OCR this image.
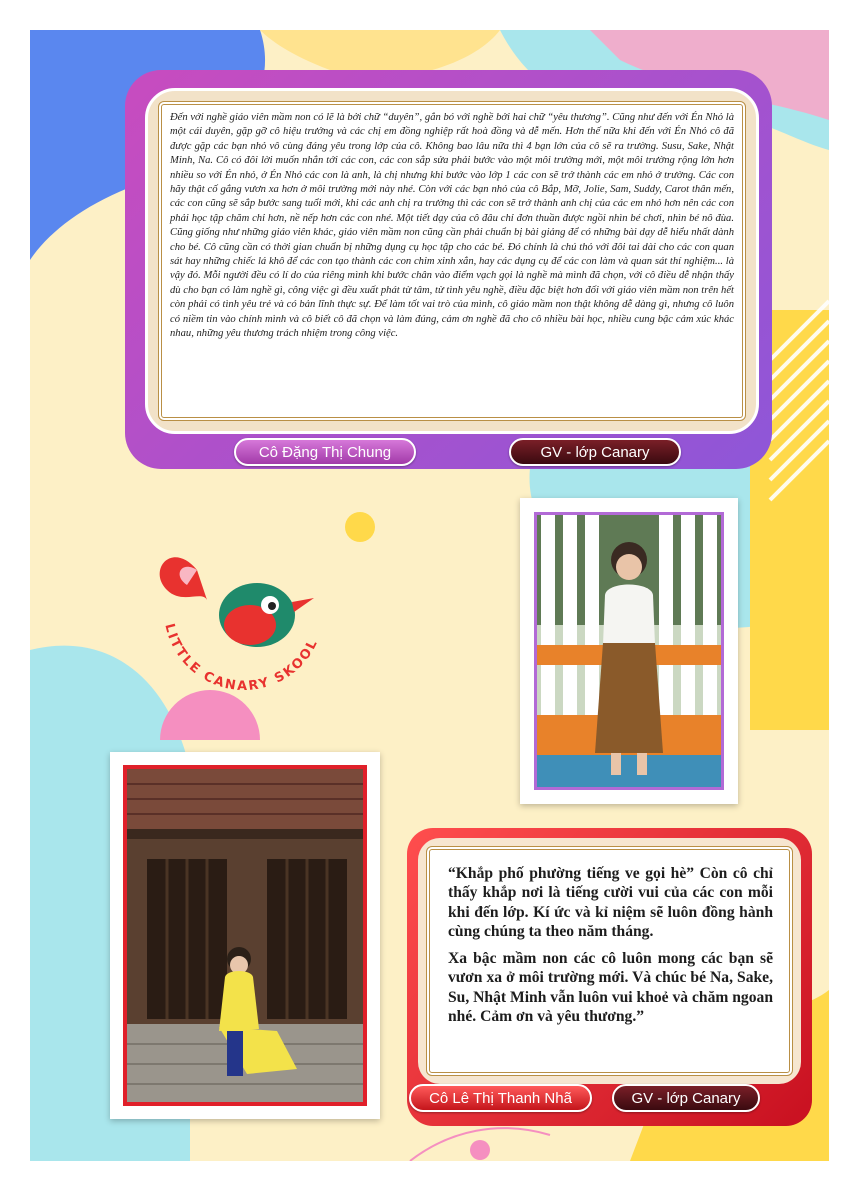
Đến với nghề giáo viên mầm non có lẽ là bởi chữ “duyên”, gắn bó với nghề bởi hai chữ “yêu thương”. Cũng như đến với Én Nhỏ là một cái duyên, gặp gỡ cô hiệu trưởng và các chị em đồng nghiệp rất hoà đồng và dễ mến. Hơn thế nữa khi đến với Én Nhỏ cô đã được gặp các bạn nhỏ vô cùng đáng yêu trong lớp của cô. Không bao lâu nữa thì 4 bạn lớn của cô sẽ ra trường. Susu, Sake, Nhật Minh, Na. Cô có đôi lời muốn nhắn tới các con, các con sắp sửa phải bước vào một môi trường mới, một môi trường rộng lớn hơn nhiều so với Én nhỏ, ở Én Nhỏ các con là anh, là chị nhưng khi bước vào lớp 1 các con sẽ trở thành các em nhỏ ở trường. Các con hãy thật cố gắng vươn xa hơn ở môi trường mới này nhé. Còn với các bạn nhỏ của cô Bắp, Mỡ, Jolie, Sam, Suddy, Carot thân mến, các con cũng sẽ sắp bước sang tuổi mới, khi các anh chị ra trường thì các con sẽ trở thành anh chị của các em nhỏ hơn nên các con phải học tập chăm chỉ hơn, nề nếp hơn các con nhé. Một tiết dạy của cô đâu chỉ đơn thuần được ngồi nhìn bé chơi, nhìn bé nô đùa. Cũng giống như những giáo viên khác, giáo viên mầm non cũng cần phải chuẩn bị bài giảng để có những bài dạy dễ hiểu nhất dành cho bé. Cô cũng cần có thời gian chuẩn bị những dụng cụ học tập cho các bé. Đó chính là chú thỏ với đôi tai dài cho các con quan sát hay những chiếc lá khô để các con tạo thành các con chim xinh xắn, hay các dụng cụ để các con làm và quan sát thí nghiệm... là vậy đó. Mỗi người đều có lí do của riêng mình khi bước chân vào điểm vạch gọi là nghề mà mình đã chọn, với cô điều dễ nhận thấy dù cho bạn có làm nghề gì, công việc gì đều xuất phát từ tâm, từ tình yêu nghề, điều đặc biệt hơn đối với giáo viên mầm non trên hết còn phải có tình yêu trẻ và có bản lĩnh thực sự. Để làm tốt vai trò của mình, cô giáo mầm non thật không dễ dàng gì, nhưng cô luôn có niềm tin vào chính mình và cô biết cô đã chọn và làm đúng, cảm ơn nghề đã cho cô nhiều bài học, nhiều cung bậc cảm xúc khác nhau, những yêu thương trách nhiệm trong công việc.

Cô Đặng Thị Chung	GV - lớp Canary
LITTLE CANARY SKOOL

“Khắp phố phường tiếng ve gọi hè” Còn cô chỉ thấy khắp nơi là tiếng cười vui của các con mỗi khi đến lớp. Kí ức và kỉ niệm sẽ luôn đồng hành cùng chúng ta theo năm tháng.

Xa bậc mầm non các cô luôn mong các bạn sẽ vươn xa ở môi trường mới. Và chúc bé Na, Sake, Su, Nhật Minh vẫn luôn vui khoẻ và chăm ngoan nhé. Cảm ơn và yêu thương.”

Cô Lê Thị Thanh Nhã	GV - lớp Canary
